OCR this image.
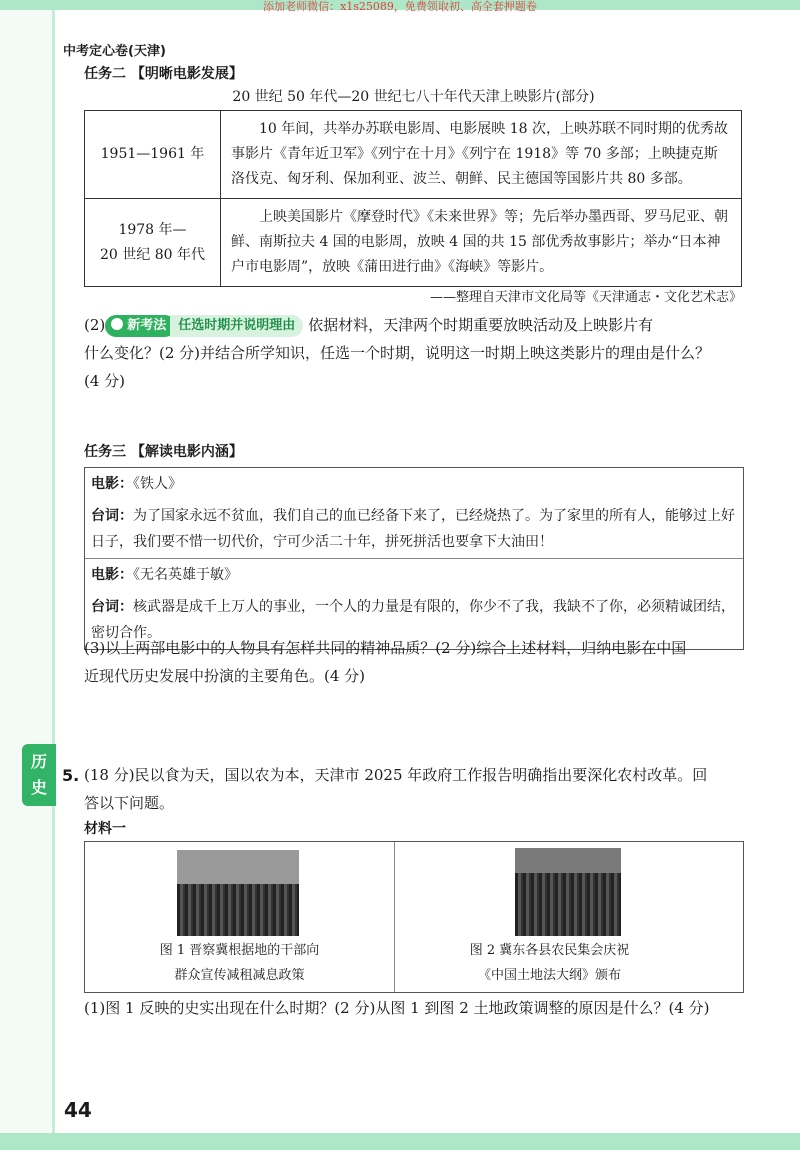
添加老师微信：x1s25089，免费领取初、高全套押题卷
中考定心卷(天津)
任务二 【明晰电影发展】
20 世纪 50 年代—20 世纪七八十年代天津上映影片(部分)
1951—1961 年	10 年间，共举办苏联电影周、电影展映 18 次，上映苏联不同时期的优秀故事影片《青年近卫军》《列宁在十月》《列宁在 1918》等 70 多部；上映捷克斯洛伐克、匈牙利、保加利亚、波兰、朝鲜、民主德国等国影片共 80 多部。
1978 年—
20 世纪 80 年代	上映美国影片《摩登时代》《未来世界》等；先后举办墨西哥、罗马尼亚、朝鲜、南斯拉夫 4 国的电影周，放映 4 国的共 15 部优秀故事影片；举办“日本神户市电影周”，放映《蒲田进行曲》《海峡》等影片。
——整理自天津市文化局等《天津通志・文化艺术志》
(2) 新考法 任选时期并说明理由 依据材料，天津两个时期重要放映活动及上映影片有
什么变化？(2 分)并结合所学知识，任选一个时期，说明这一时期上映这类影片的理由是什么？
(4 分)
任务三 【解读电影内涵】
电影：《铁人》
台词：为了国家永远不贫血，我们自己的血已经备下来了，已经烧热了。为了家里的所有人，能够过上好日子，我们要不惜一切代价，宁可少活二十年，拼死拼活也要拿下大油田！
电影：《无名英雄于敏》
台词：核武器是成千上万人的事业，一个人的力量是有限的，你少不了我，我缺不了你，必须精诚团结，密切合作。
(3)以上两部电影中的人物具有怎样共同的精神品质？(2 分)综合上述材料，归纳电影在中国
近现代历史发展中扮演的主要角色。(4 分)
历
史
5. (18 分)民以食为天，国以农为本，天津市 2025 年政府工作报告明确指出要深化农村改革。回
答以下问题。
材料一
图 1 晋察冀根据地的干部向
群众宣传减租减息政策
图 2 冀东各县农民集会庆祝
《中国土地法大纲》颁布
(1)图 1 反映的史实出现在什么时期？(2 分)从图 1 到图 2 土地政策调整的原因是什么？(4 分)
44
